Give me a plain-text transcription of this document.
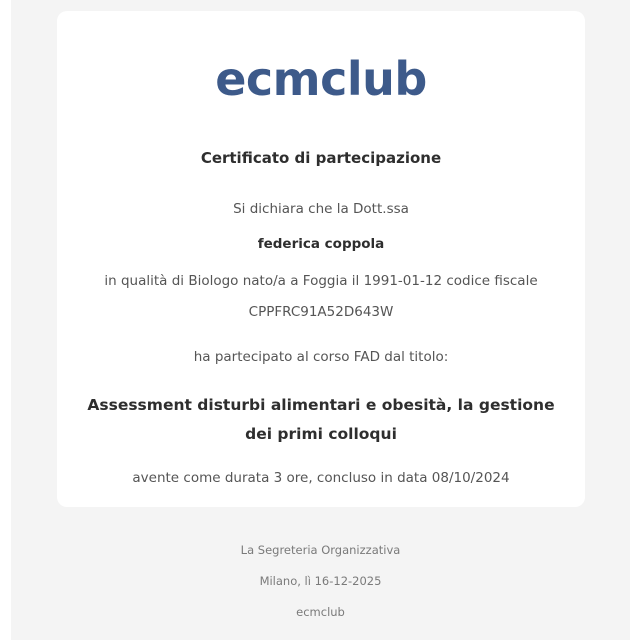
ecmclub
Certificato di partecipazione
Si dichiara che la Dott.ssa
federica coppola
in qualità di Biologo nato/a a Foggia il 1991-01-12 codice fiscale
CPPFRC91A52D643W
ha partecipato al corso FAD dal titolo:
Assessment disturbi alimentari e obesità, la gestione dei primi colloqui
avente come durata 3 ore, concluso in data 08/10/2024
La Segreteria Organizzativa
Milano, lì 16-12-2025
ecmclub
